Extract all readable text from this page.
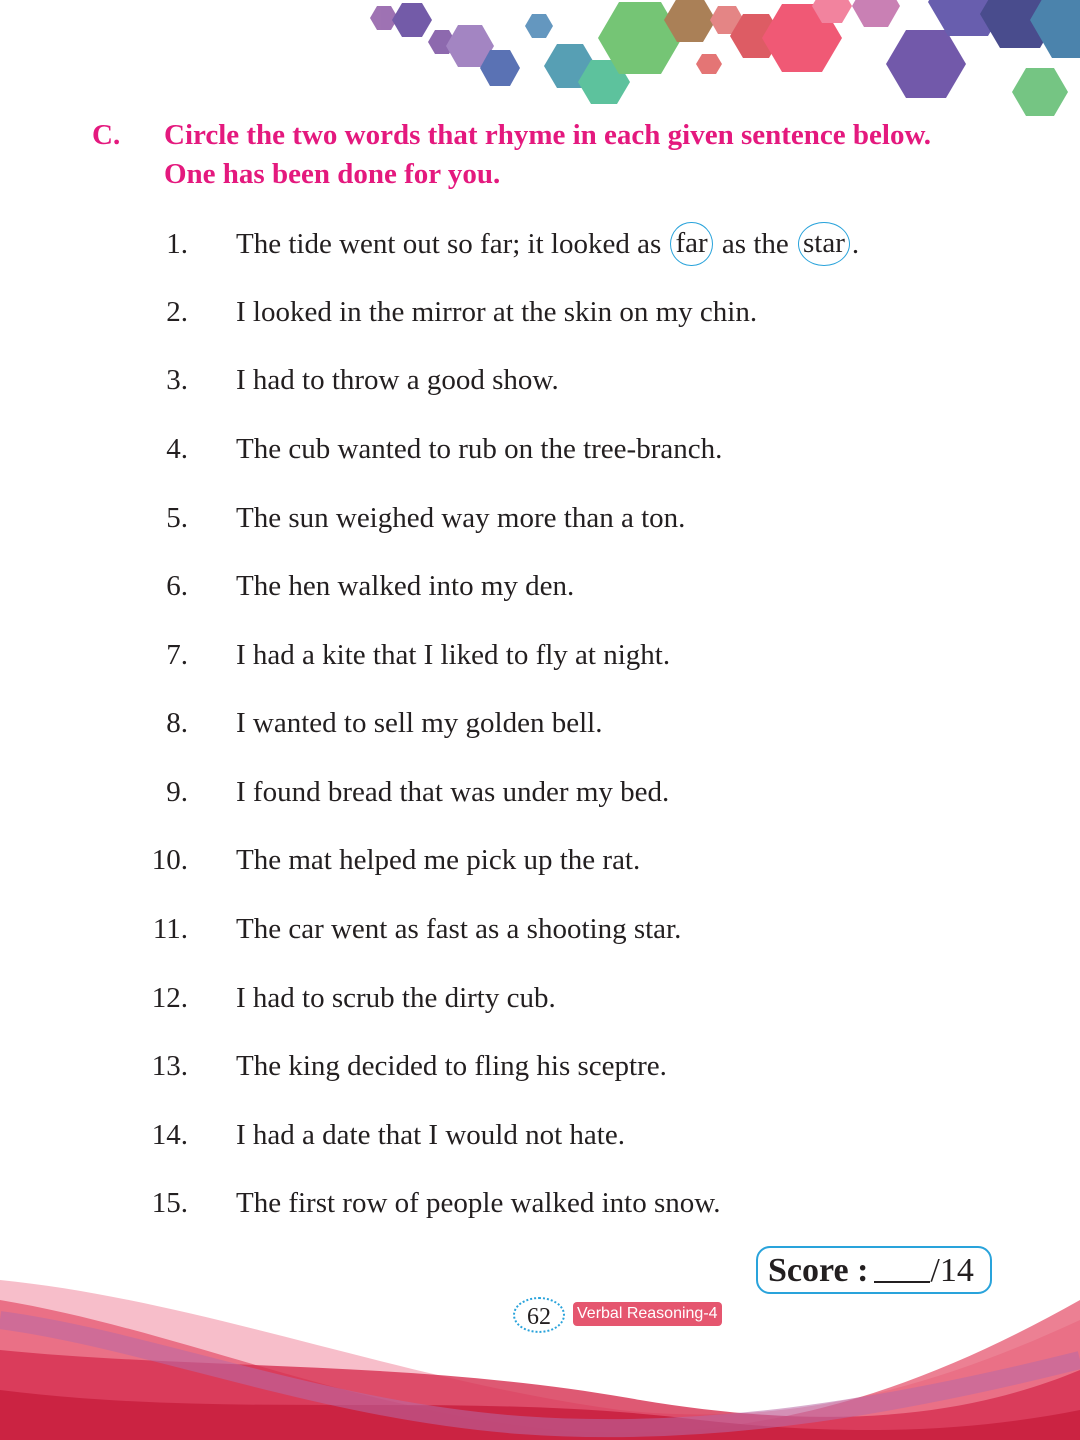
C. Circle the two words that rhyme in each given sentence below.
One has been done for you.
1. The tide went out so far; it looked as far as the star .
2. I looked in the mirror at the skin on my chin.
3. I had to throw a good show.
4. The cub wanted to rub on the tree-branch.
5. The sun weighed way more than a ton.
6. The hen walked into my den.
7. I had a kite that I liked to fly at night.
8. I wanted to sell my golden bell.
9. I found bread that was under my bed.
10. The mat helped me pick up the rat.
11. The car went as fast as a shooting star.
12. I had to scrub the dirty cub.
13. The king decided to fling his sceptre.
14. I had a date that I would not hate.
15. The first row of people walked into snow.
Score : /14
62	Verbal Reasoning-4
